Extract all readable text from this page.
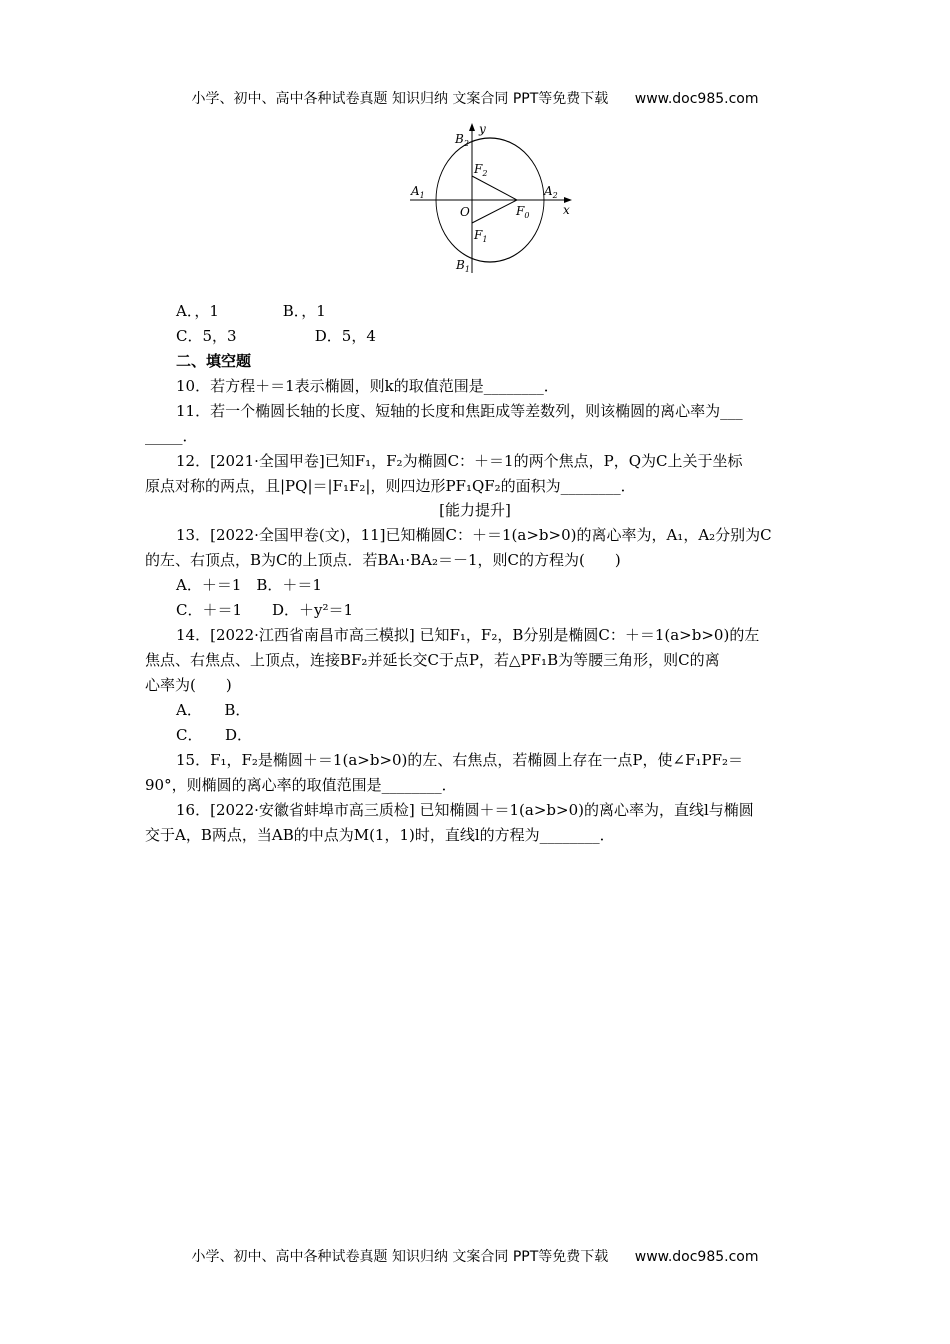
小学、初中、高中各种试卷真题 知识归纳 文案合同 PPT等免费下载 www.doc985.com
y
x
$B_2$
$F_2$
$A_1$	$A_2$
O	$F_0$
$F_1$
$B_1$
A．，1	B．，1
C．5，3	D．5，4
二、填空题
10．若方程＋＝1表示椭圆，则k的取值范围是________．
11．若一个椭圆长轴的长度、短轴的长度和焦距成等差数列，则该椭圆的离心率为___
_____．
12．[2021·全国甲卷]已知F₁，F₂为椭圆C：＋＝1的两个焦点，P，Q为C上关于坐标
原点对称的两点，且|PQ|＝|F₁F₂|，则四边形PF₁QF₂的面积为________．
[能力提升]
13．[2022·全国甲卷(文)，11]已知椭圆C：＋＝1(a>b>0)的离心率为，A₁，A₂分别为C
的左、右顶点，B为C的上顶点．若BA₁·BA₂＝－1，则C的方程为(　　)
A．＋＝1　B．＋＝1
C．＋＝1　　D．＋y²＝1
14．[2022·江西省南昌市高三模拟] 已知F₁，F₂，B分别是椭圆C：＋＝1(a>b>0)的左
焦点、右焦点、上顶点，连接BF₂并延长交C于点P，若△PF₁B为等腰三角形，则C的离
心率为(　　)
A．　　B．
C．　　D．
15．F₁，F₂是椭圆＋＝1(a>b>0)的左、右焦点，若椭圆上存在一点P，使∠F₁PF₂＝
90°，则椭圆的离心率的取值范围是________．
16．[2022·安徽省蚌埠市高三质检] 已知椭圆＋＝1(a>b>0)的离心率为，直线l与椭圆
交于A，B两点，当AB的中点为M(1，1)时，直线l的方程为________．
小学、初中、高中各种试卷真题 知识归纳 文案合同 PPT等免费下载 www.doc985.com
